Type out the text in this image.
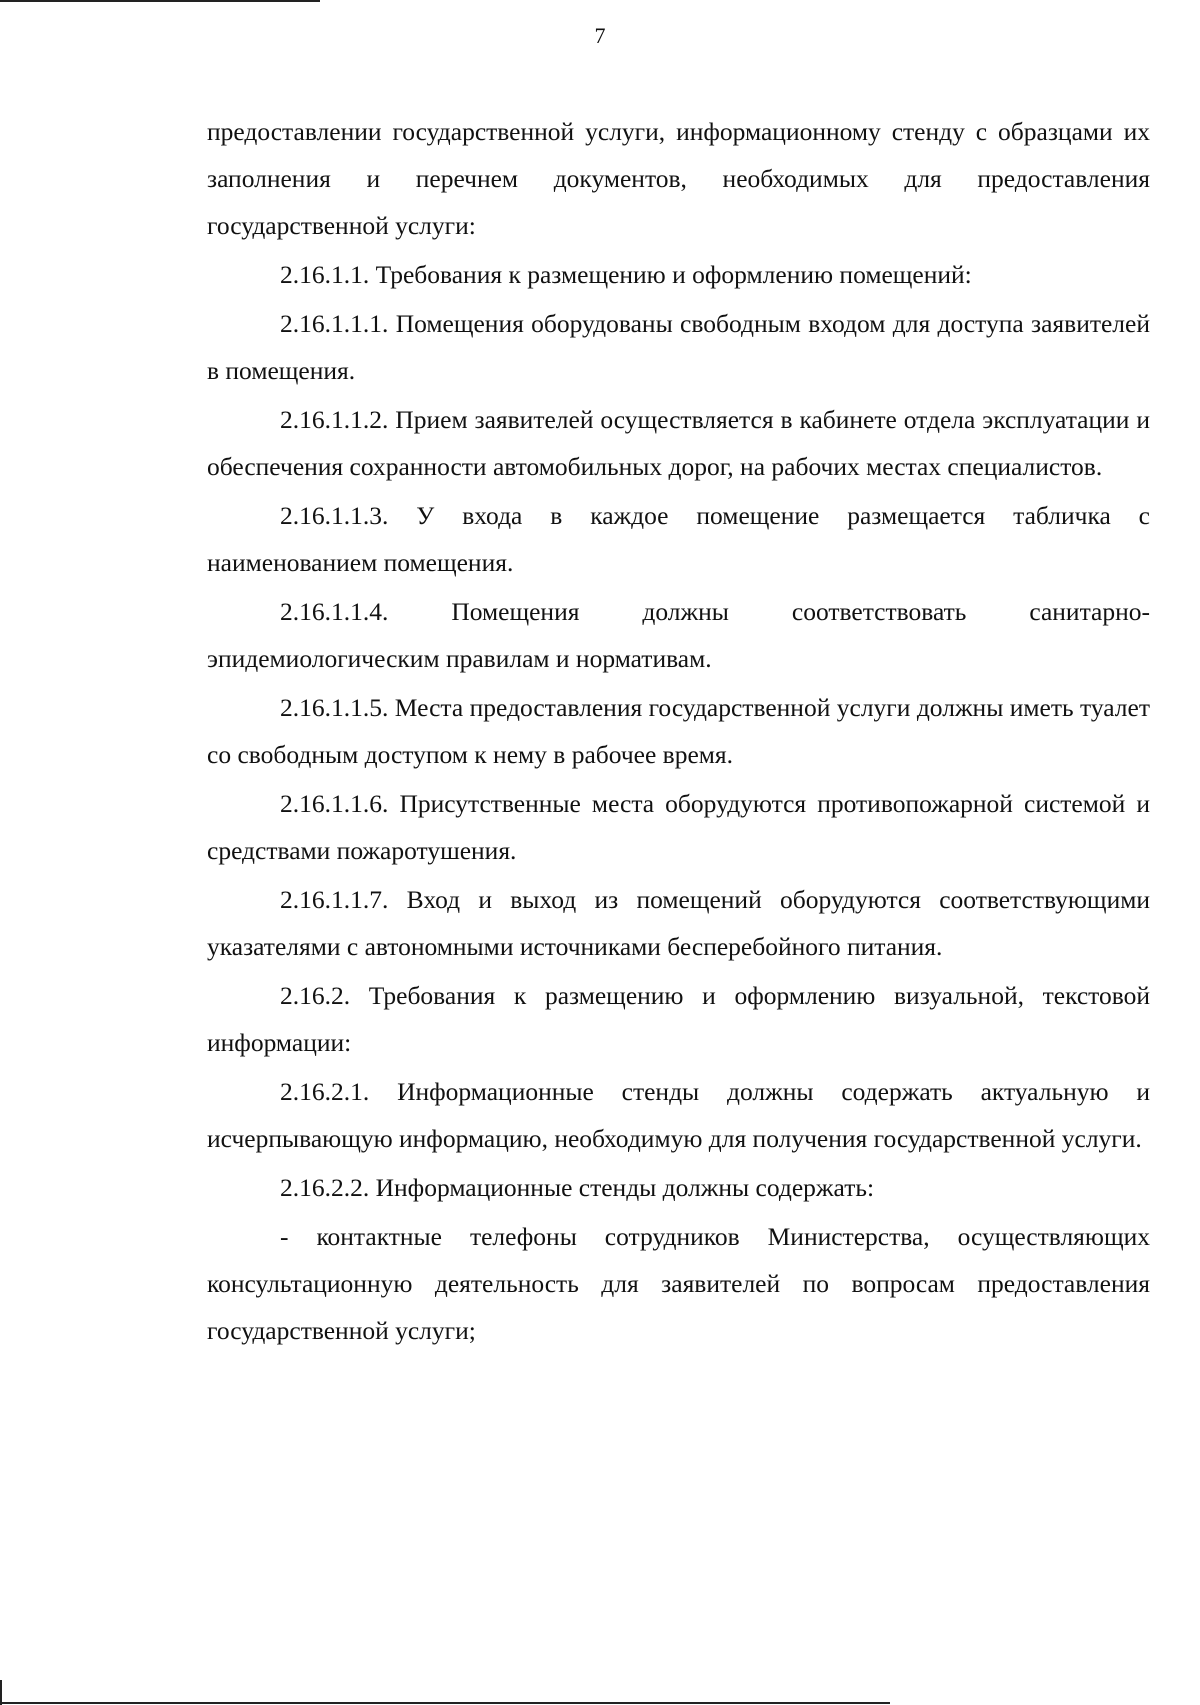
7

предоставлении государственной услуги, информационному стенду с образцами их заполнения и перечнем документов, необходимых для предоставления государственной услуги:

2.16.1.1. Требования к размещению и оформлению помещений:

2.16.1.1.1. Помещения оборудованы свободным входом для доступа заявителей в помещения.

2.16.1.1.2. Прием заявителей осуществляется в кабинете отдела эксплуатации и обеспечения сохранности автомобильных дорог, на рабочих местах специалистов.

2.16.1.1.3. У входа в каждое помещение размещается табличка с наименованием помещения.

2.16.1.1.4. Помещения должны соответствовать санитарно-эпидемиологическим правилам и нормативам.

2.16.1.1.5. Места предоставления государственной услуги должны иметь туалет со свободным доступом к нему в рабочее время.

2.16.1.1.6. Присутственные места оборудуются противопожарной системой и средствами пожаротушения.

2.16.1.1.7. Вход и выход из помещений оборудуются соответствующими указателями с автономными источниками бесперебойного питания.

2.16.2. Требования к размещению и оформлению визуальной, текстовой информации:

2.16.2.1. Информационные стенды должны содержать актуальную и исчерпывающую информацию, необходимую для получения государственной услуги.

2.16.2.2. Информационные стенды должны содержать:

- контактные телефоны сотрудников Министерства, осуществляющих консультационную деятельность для заявителей по вопросам предоставления государственной услуги;
